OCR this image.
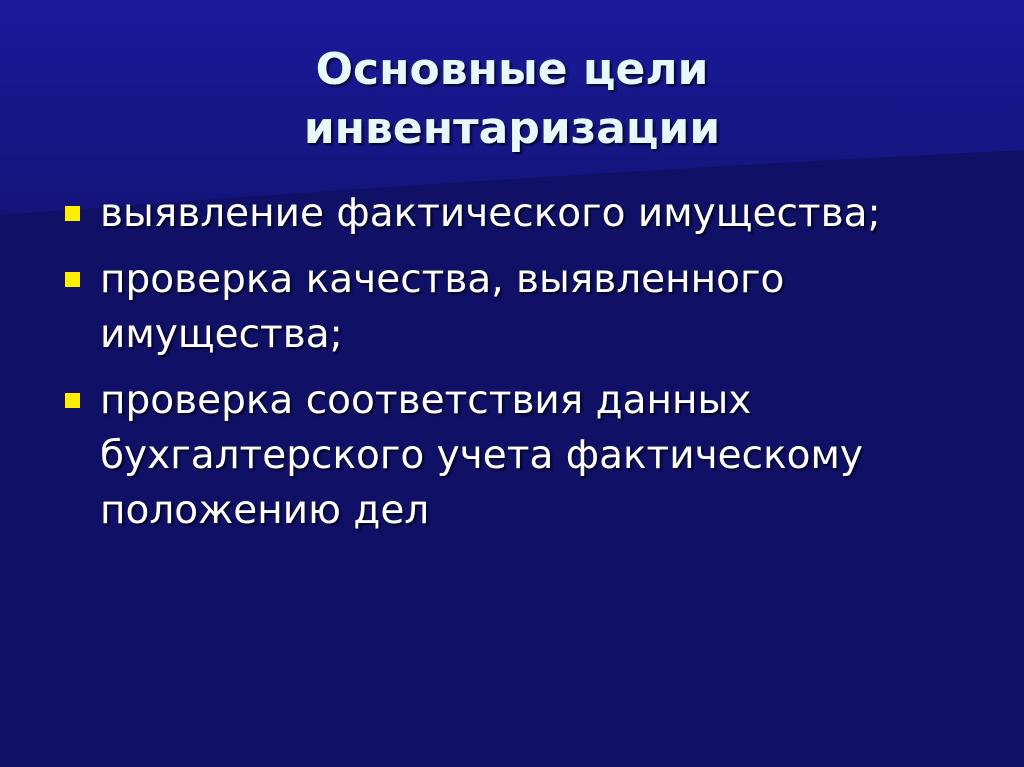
Основные цели
инвентаризации
выявление фактического имущества;
проверка качества, выявленного
имущества;
проверка соответствия данных
бухгалтерского учета фактическому
положению дел
